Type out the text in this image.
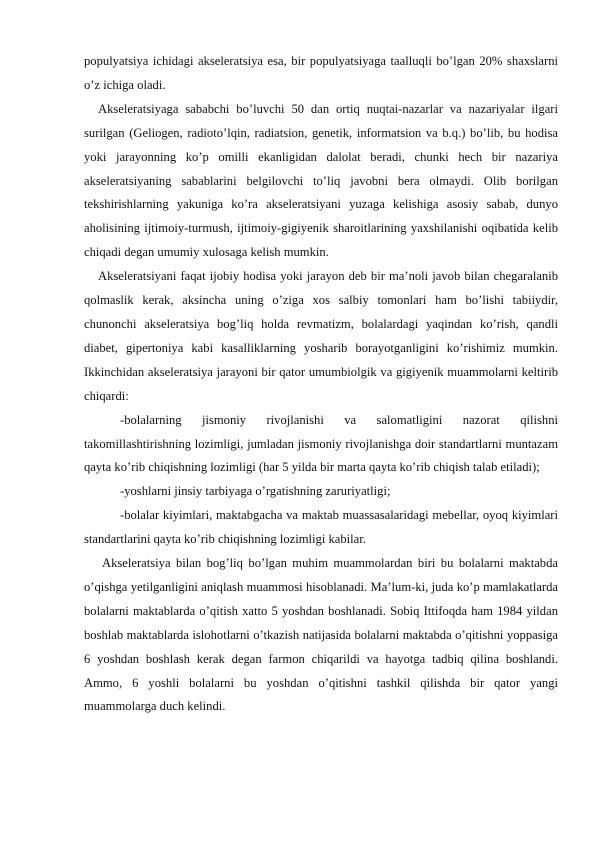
populyatsiya ichidagi akseleratsiya esa, bir populyatsiyaga taalluqli bo’lgan 20% shaxslarni o’z ichiga oladi.

Akseleratsiyaga sababchi bo’luvchi 50 dan ortiq nuqtai-nazarlar va nazariyalar ilgari surilgan (Geliogen, radioto’lqin, radiatsion, genetik, informatsion va b.q.) bo’lib, bu hodisa yoki jarayonning ko’p omilli ekanligidan dalolat beradi, chunki hech bir nazariya akseleratsiyaning sabablarini belgilovchi to’liq javobni bera olmaydi. Olib borilgan tekshirishlarning yakuniga ko’ra akseleratsiyani yuzaga kelishiga asosiy sabab, dunyo aholisining ijtimoiy-turmush, ijtimoiy-gigiyenik sharoitlarining yaxshilanishi oqibatida kelib chiqadi degan umumiy xulosaga kelish mumkin.

Akseleratsiyani faqat ijobiy hodisa yoki jarayon deb bir ma’noli javob bilan chegaralanib qolmaslik kerak, aksincha uning o’ziga xos salbiy tomonlari ham bo’lishi tabiiydir, chunonchi akseleratsiya bog’liq holda revmatizm, bolalardagi yaqindan ko’rish, qandli diabet, gipertoniya kabi kasalliklarning yosharib borayotganligini ko’rishimiz mumkin. Ikkinchidan akseleratsiya jarayoni bir qator umumbiolgik va gigiyenik muammolarni keltirib chiqardi:

-bolalarning jismoniy rivojlanishi va salomatligini nazorat qilishni takomillashtirishning lozimligi, jumladan jismoniy rivojlanishga doir standartlarni muntazam qayta ko’rib chiqishning lozimligi (har 5 yilda bir marta qayta ko’rib chiqish talab etiladi);

-yoshlarni jinsiy tarbiyaga o’rgatishning zaruriyatligi;

-bolalar kiyimlari, maktabgacha va maktab muassasalaridagi mebellar, oyoq kiyimlari standartlarini qayta ko’rib chiqishning lozimligi kabilar.

Akseleratsiya bilan bog’liq bo’lgan muhim muammolardan biri bu bolalarni maktabda o’qishga yetilganligini aniqlash muammosi hisoblanadi. Ma’lum-ki, juda ko’p mamlakatlarda bolalarni maktablarda o’qitish xatto 5 yoshdan boshlanadi. Sobiq Ittifoqda ham 1984 yildan boshlab maktablarda islohotlarni o’tkazish natijasida bolalarni maktabda o’qitishni yoppasiga 6 yoshdan boshlash kerak degan farmon chiqarildi va hayotga tadbiq qilina boshlandi. Ammo, 6 yoshli bolalarni bu yoshdan o’qitishni tashkil qilishda bir qator yangi muammolarga duch kelindi.
